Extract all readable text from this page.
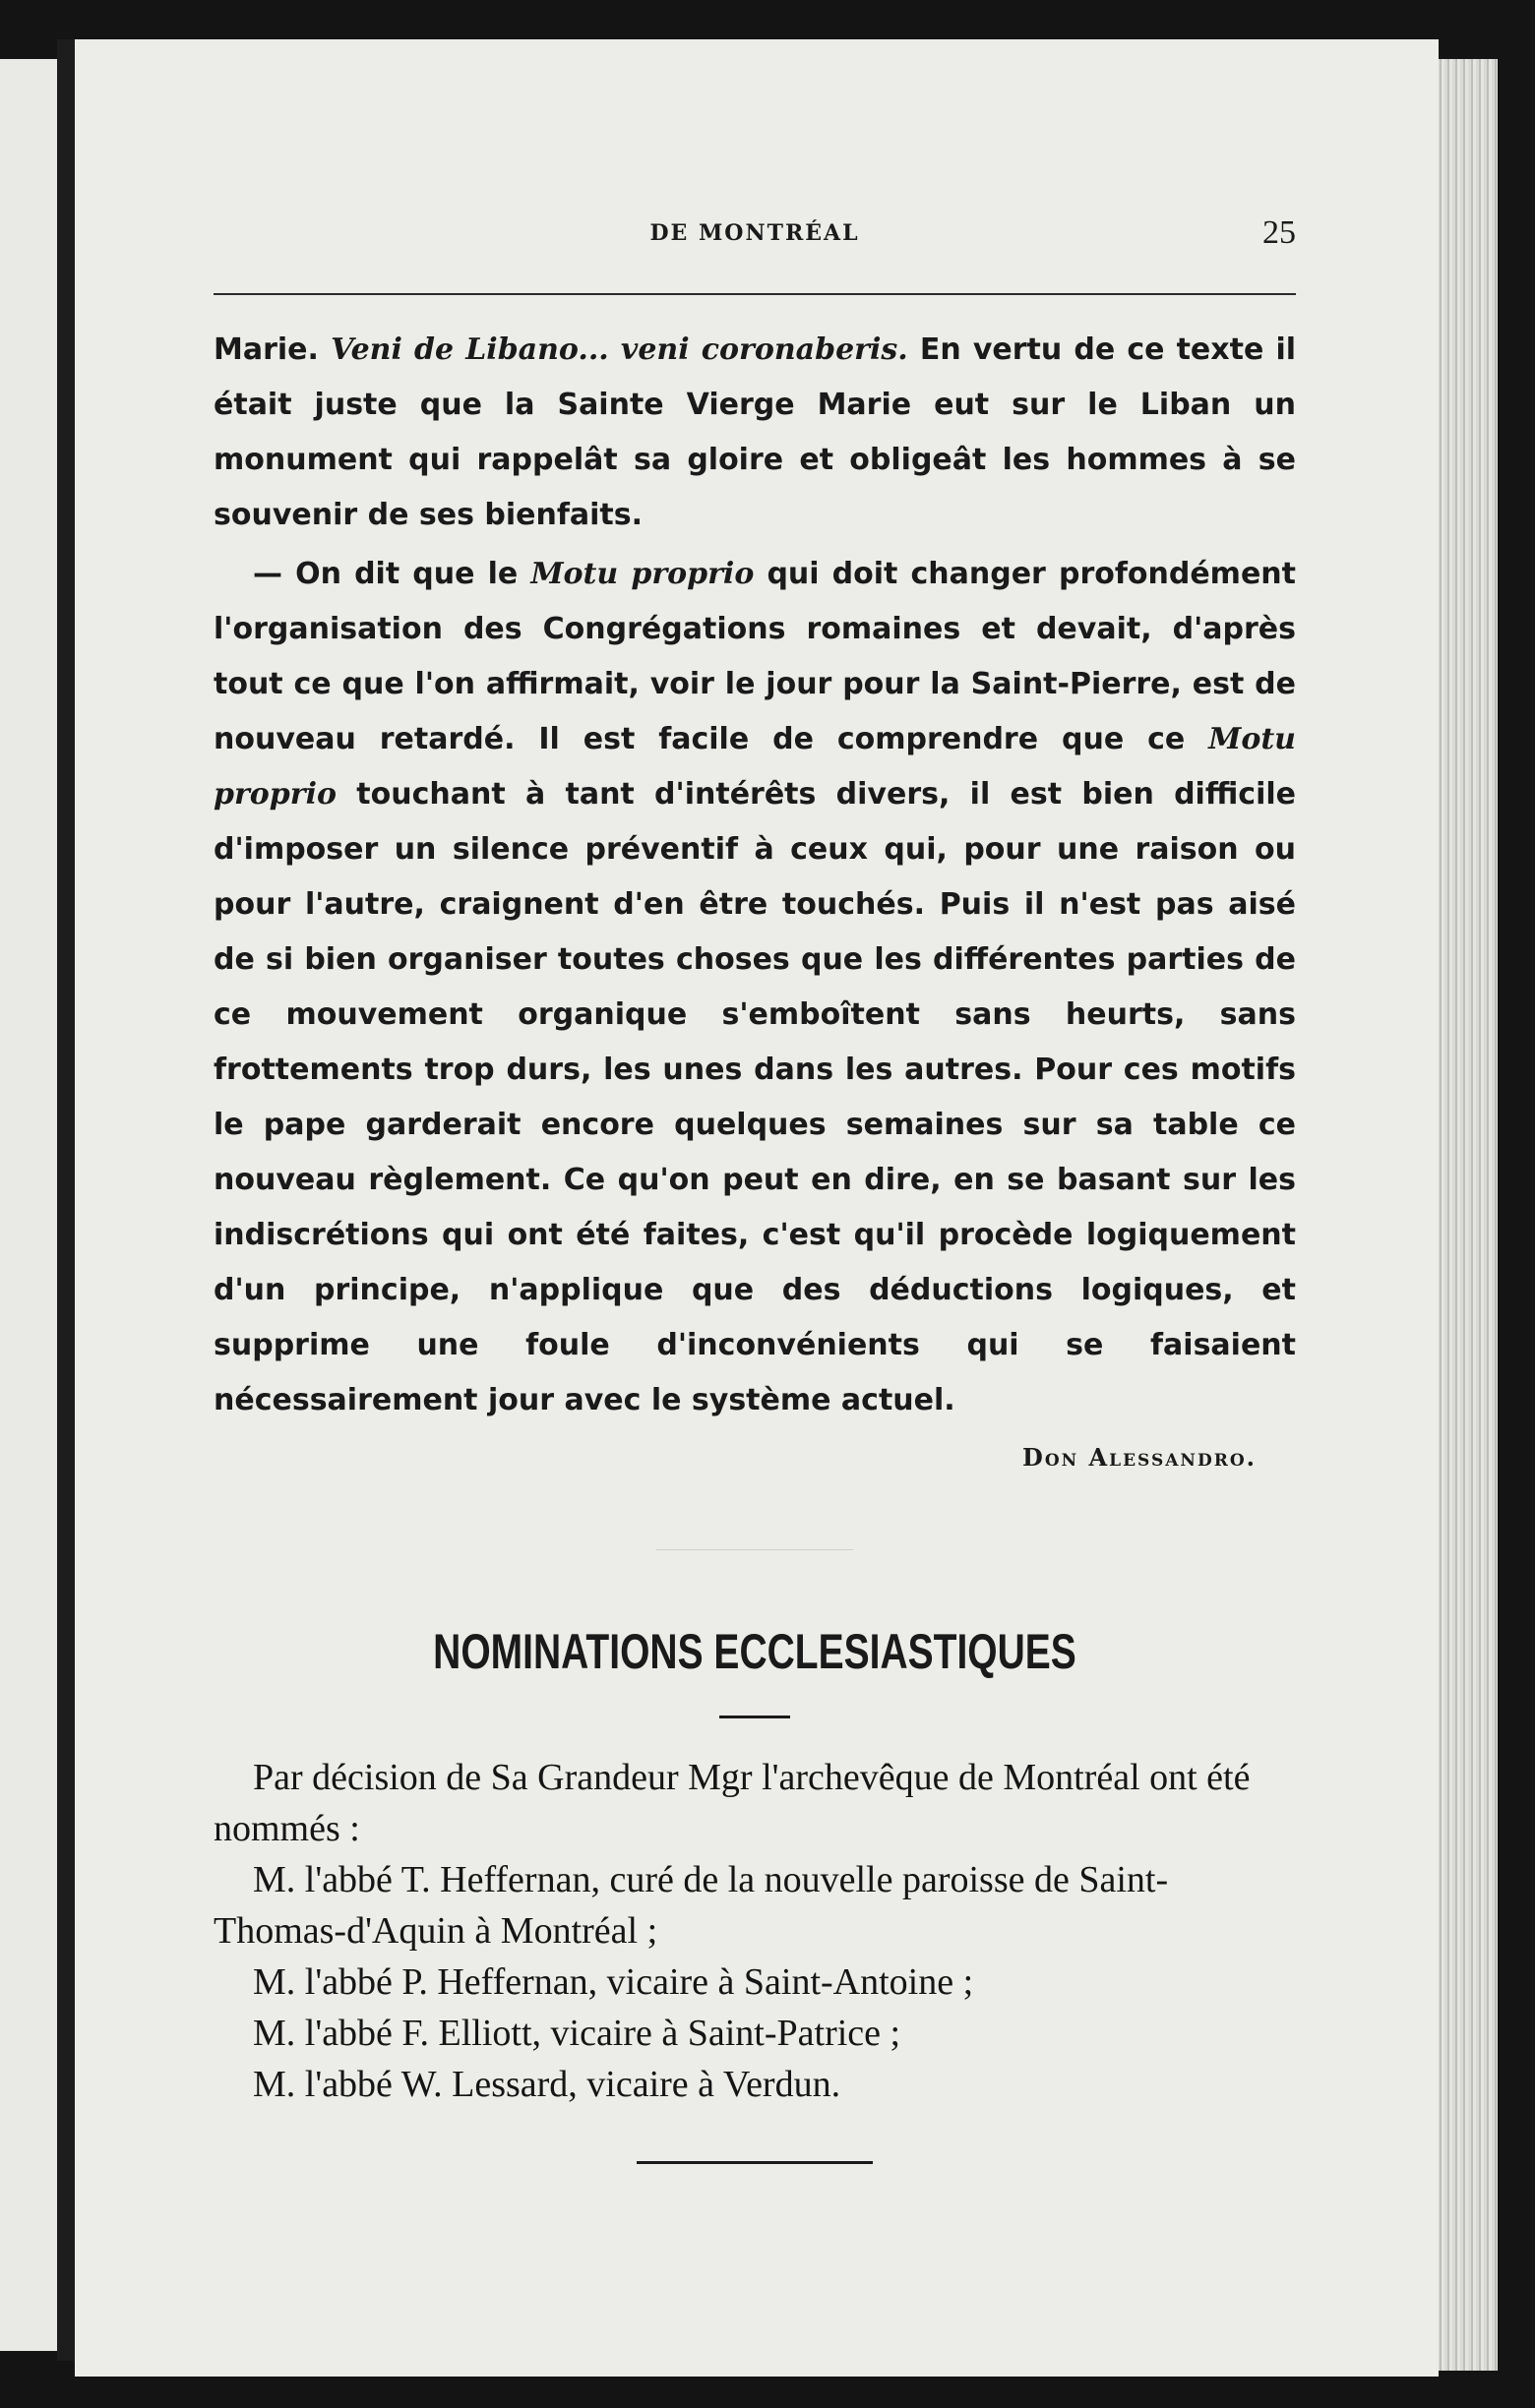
DE MONTRÉAL	25

Marie. Veni de Libano... veni coronaberis. En vertu de ce texte il était juste que la Sainte Vierge Marie eut sur le Liban un monument qui rappelât sa gloire et obligeât les hommes à se souvenir de ses bienfaits.

— On dit que le Motu proprio qui doit changer profondément l'organisation des Congrégations romaines et devait, d'après tout ce que l'on affirmait, voir le jour pour la Saint-Pierre, est de nouveau retardé. Il est facile de comprendre que ce Motu proprio touchant à tant d'intérêts divers, il est bien difficile d'imposer un silence préventif à ceux qui, pour une raison ou pour l'autre, craignent d'en être touchés. Puis il n'est pas aisé de si bien organiser toutes choses que les différentes parties de ce mouvement organique s'emboîtent sans heurts, sans frottements trop durs, les unes dans les autres. Pour ces motifs le pape garderait encore quelques semaines sur sa table ce nouveau règlement. Ce qu'on peut en dire, en se basant sur les indiscrétions qui ont été faites, c'est qu'il procède logiquement d'un principe, n'applique que des déductions logiques, et supprime une foule d'inconvénients qui se faisaient nécessairement jour avec le système actuel.

Don Alessandro.
NOMINATIONS ECCLESIASTIQUES

Par décision de Sa Grandeur Mgr l'archevêque de Montréal ont été nommés :

M. l'abbé T. Heffernan, curé de la nouvelle paroisse de Saint-Thomas-d'Aquin à Montréal ;

M. l'abbé P. Heffernan, vicaire à Saint-Antoine ;

M. l'abbé F. Elliott, vicaire à Saint-Patrice ;

M. l'abbé W. Lessard, vicaire à Verdun.
